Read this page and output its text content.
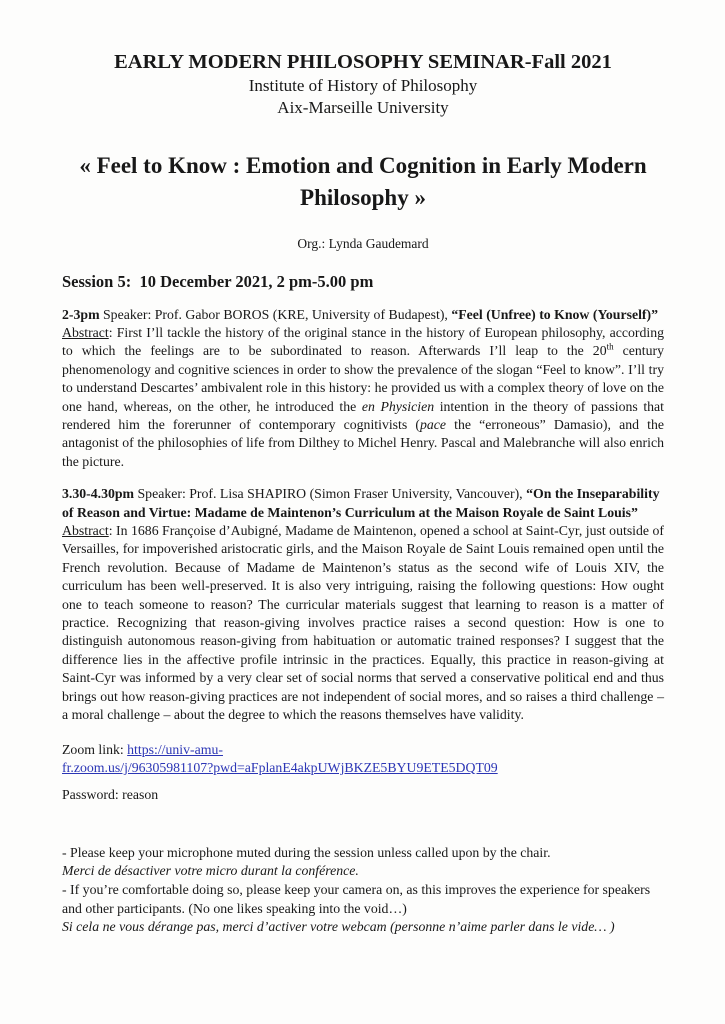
EARLY MODERN PHILOSOPHY SEMINAR-Fall 2021
Institute of History of Philosophy
Aix-Marseille University
« Feel to Know : Emotion and Cognition in Early Modern Philosophy »
Org.: Lynda Gaudemard
Session 5:  10 December 2021, 2 pm-5.00 pm

2-3pm Speaker: Prof. Gabor BOROS (KRE, University of Budapest), “Feel (Unfree) to Know (Yourself)”

Abstract: First I’ll tackle the history of the original stance in the history of European philosophy, according to which the feelings are to be subordinated to reason. Afterwards I’ll leap to the 20th century phenomenology and cognitive sciences in order to show the prevalence of the slogan “Feel to know”. I’ll try to understand Descartes’ ambivalent role in this history: he provided us with a complex theory of love on the one hand, whereas, on the other, he introduced the en Physicien intention in the theory of passions that rendered him the forerunner of contemporary cognitivists (pace the “erroneous” Damasio), and the antagonist of the philosophies of life from Dilthey to Michel Henry. Pascal and Malebranche will also enrich the picture.

3.30-4.30pm Speaker: Prof. Lisa SHAPIRO (Simon Fraser University, Vancouver), “On the Inseparability of Reason and Virtue: Madame de Maintenon’s Curriculum at the Maison Royale de Saint Louis”

Abstract: In 1686 Françoise d’Aubigné, Madame de Maintenon, opened a school at Saint-Cyr, just outside of Versailles, for impoverished aristocratic girls, and the Maison Royale de Saint Louis remained open until the French revolution. Because of Madame de Maintenon’s status as the second wife of Louis XIV, the curriculum has been well-preserved. It is also very intriguing, raising the following questions: How ought one to teach someone to reason? The curricular materials suggest that learning to reason is a matter of practice. Recognizing that reason-giving involves practice raises a second question: How is one to distinguish autonomous reason-giving from habituation or automatic trained responses? I suggest that the difference lies in the affective profile intrinsic in the practices. Equally, this practice in reason-giving at Saint-Cyr was informed by a very clear set of social norms that served a conservative political end and thus brings out how reason-giving practices are not independent of social mores, and so raises a third challenge – a moral challenge – about the degree to which the reasons themselves have validity.

Zoom link: https://univ-amu-
fr.zoom.us/j/96305981107?pwd=aFplanE4akpUWjBKZE5BYU9ETE5DQT09

Password: reason

- Please keep your microphone muted during the session unless called upon by the chair.

Merci de désactiver votre micro durant la conférence.

- If you’re comfortable doing so, please keep your camera on, as this improves the experience for speakers and other participants. (No one likes speaking into the void…)

Si cela ne vous dérange pas, merci d’activer votre webcam (personne n’aime parler dans le vide… )
